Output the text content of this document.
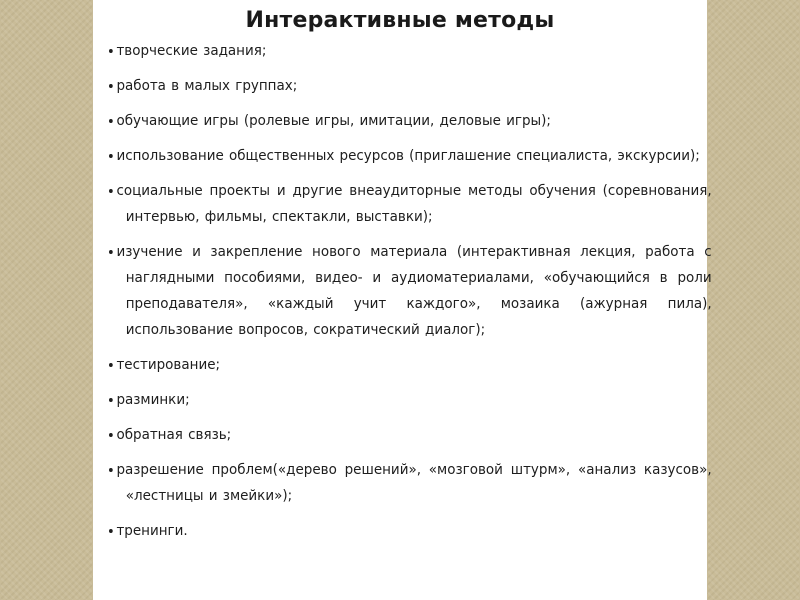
Интерактивные методы
творческие задания;
работа в малых группах;
обучающие игры (ролевые игры, имитации, деловые игры);
использование общественных ресурсов (приглашение специалиста, экскурсии);
социальные проекты и другие внеаудиторные методы обучения (соревнования, интервью, фильмы, спектакли, выставки);
изучение и закрепление нового материала (интерактивная лекция, работа с наглядными пособиями, видео- и аудиоматериалами, «обучающийся в роли преподавателя», «каждый учит каждого», мозаика (ажурная пила), использование вопросов, сократический диалог);
тестирование;
разминки;
обратная связь;
разрешение проблем(«дерево решений», «мозговой штурм», «анализ казусов», «лестницы и змейки»);
тренинги.
